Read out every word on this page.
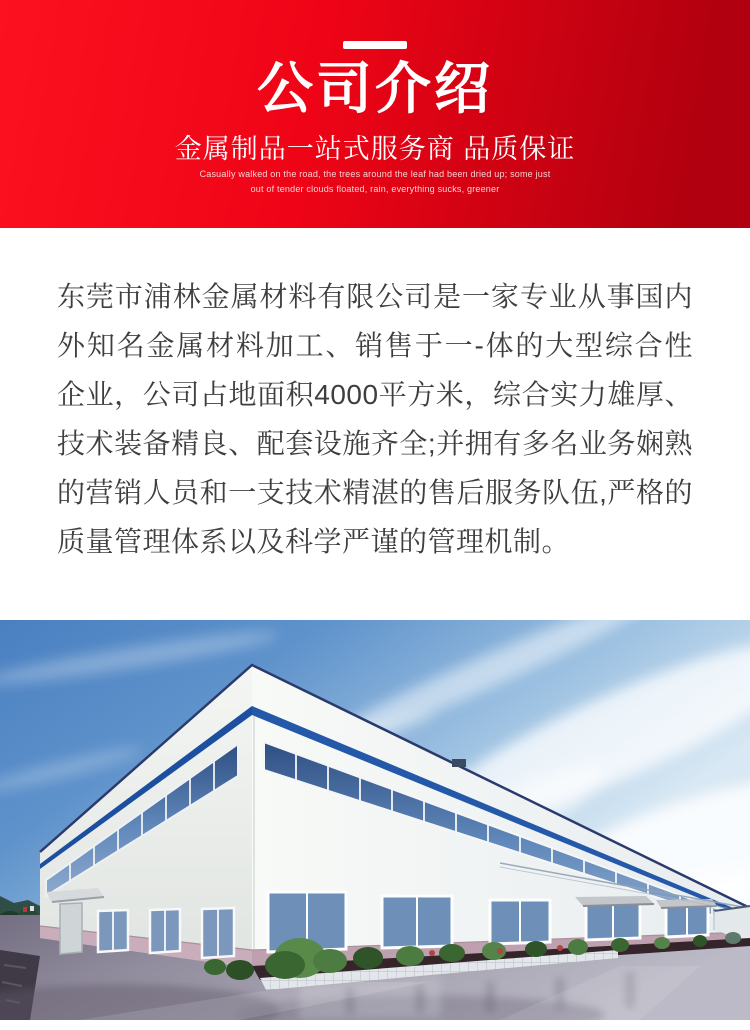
公司介绍
金属制品一站式服务商 品质保证
Casually walked on the road, the trees around the leaf had been dried up; some just
out of tender clouds floated, rain, everything sucks, greener

东莞市浦林金属材料有限公司是一家专业从事国内外知名金属材料加工、销售于一-体的大型综合性企业，公司占地面积4000平方米，综合实力雄厚、技术装备精良、配套设施齐全;并拥有多名业务娴熟的营销人员和一支技术精湛的售后服务队伍,严格的质量管理体系以及科学严谨的管理机制。
